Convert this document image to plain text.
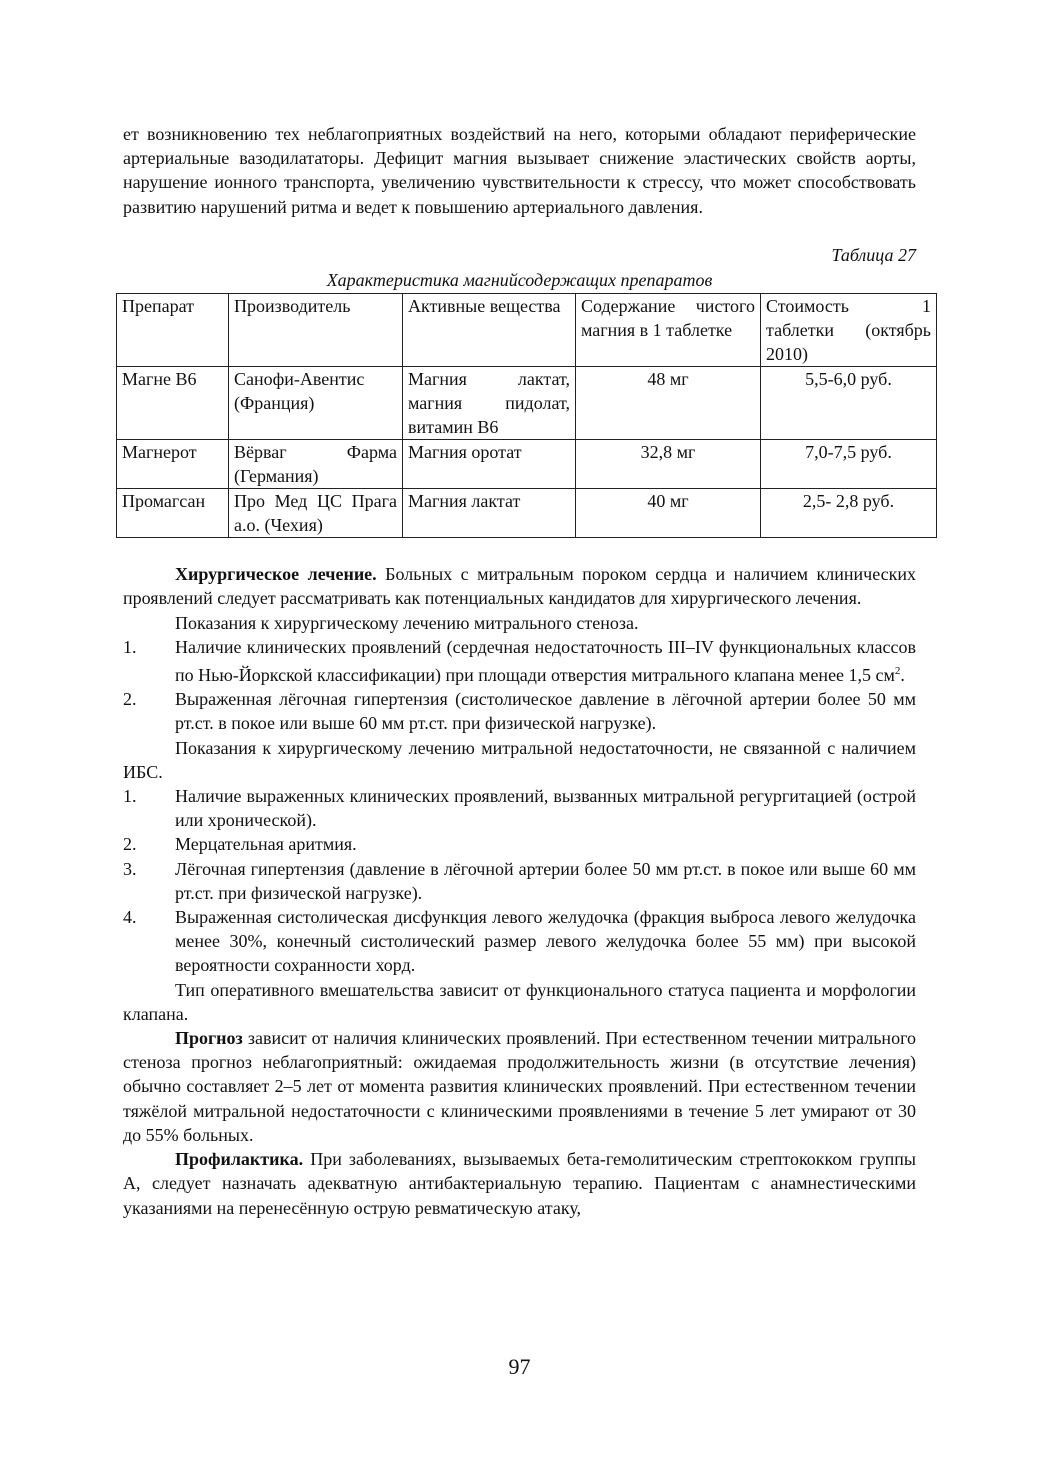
ет возникновению тех неблагоприятных воздействий на него, которыми обладают периферические артериальные вазодилататоры. Дефицит магния вызывает снижение эластических свойств аорты, нарушение ионного транспорта, увеличению чувствительности к стрессу, что может способствовать развитию нарушений ритма и ведет к повышению артериального давления.

Таблица 27
Характеристика магнийсодержащих препаратов
Препарат	Производитель	Активные вещества	Содержание чистого магния в 1 таблетке	Стоимость 1 таблетки (октябрь 2010)
Магне В6	Санофи-Авентис (Франция)	Магния лактат, магния пидолат, витамин В6	48 мг	5,5-6,0 руб.
Магнерот	Вёрваг Фарма (Германия)	Магния оротат	32,8 мг	7,0-7,5 руб.
Промагсан	Про Мед ЦС Прага а.о. (Чехия)	Магния лактат	40 мг	2,5- 2,8 руб.

Хирургическое лечение. Больных с митральным пороком сердца и наличием клинических проявлений следует рассматривать как потенциальных кандидатов для хирургического лечения.

Показания к хирургическому лечению митрального стеноза.

1.	Наличие клинических проявлений (сердечная недостаточность III–IV функциональных классов по Нью-Йоркской классификации) при площади отверстия митрального клапана менее 1,5 $см^2$.
2.	Выраженная лёгочная гипертензия (систолическое давление в лёгочной артерии более 50 мм рт.ст. в покое или выше 60 мм рт.ст. при физической нагрузке).

Показания к хирургическому лечению митральной недостаточности, не связанной с наличием ИБС.

1.	Наличие выраженных клинических проявлений, вызванных митральной регургитацией (острой или хронической).
2.	Мерцательная аритмия.
3.	Лёгочная гипертензия (давление в лёгочной артерии более 50 мм рт.ст. в покое или выше 60 мм рт.ст. при физической нагрузке).
4.	Выраженная систолическая дисфункция левого желудочка (фракция выброса левого желудочка менее 30%, конечный систолический размер левого желудочка более 55 мм) при высокой вероятности сохранности хорд.

Тип оперативного вмешательства зависит от функционального статуса пациента и морфологии клапана.

Прогноз зависит от наличия клинических проявлений. При естественном течении митрального стеноза прогноз неблагоприятный: ожидаемая продолжительность жизни (в отсутствие лечения) обычно составляет 2–5 лет от момента развития клинических проявлений. При естественном течении тяжёлой митральной недостаточности с клиническими проявлениями в течение 5 лет умирают от 30 до 55% больных.

Профилактика. При заболеваниях, вызываемых бета-гемолитическим стрептококком группы А, следует назначать адекватную антибактериальную терапию. Пациентам с анамнестическими указаниями на перенесённую острую ревматическую атаку,

97
